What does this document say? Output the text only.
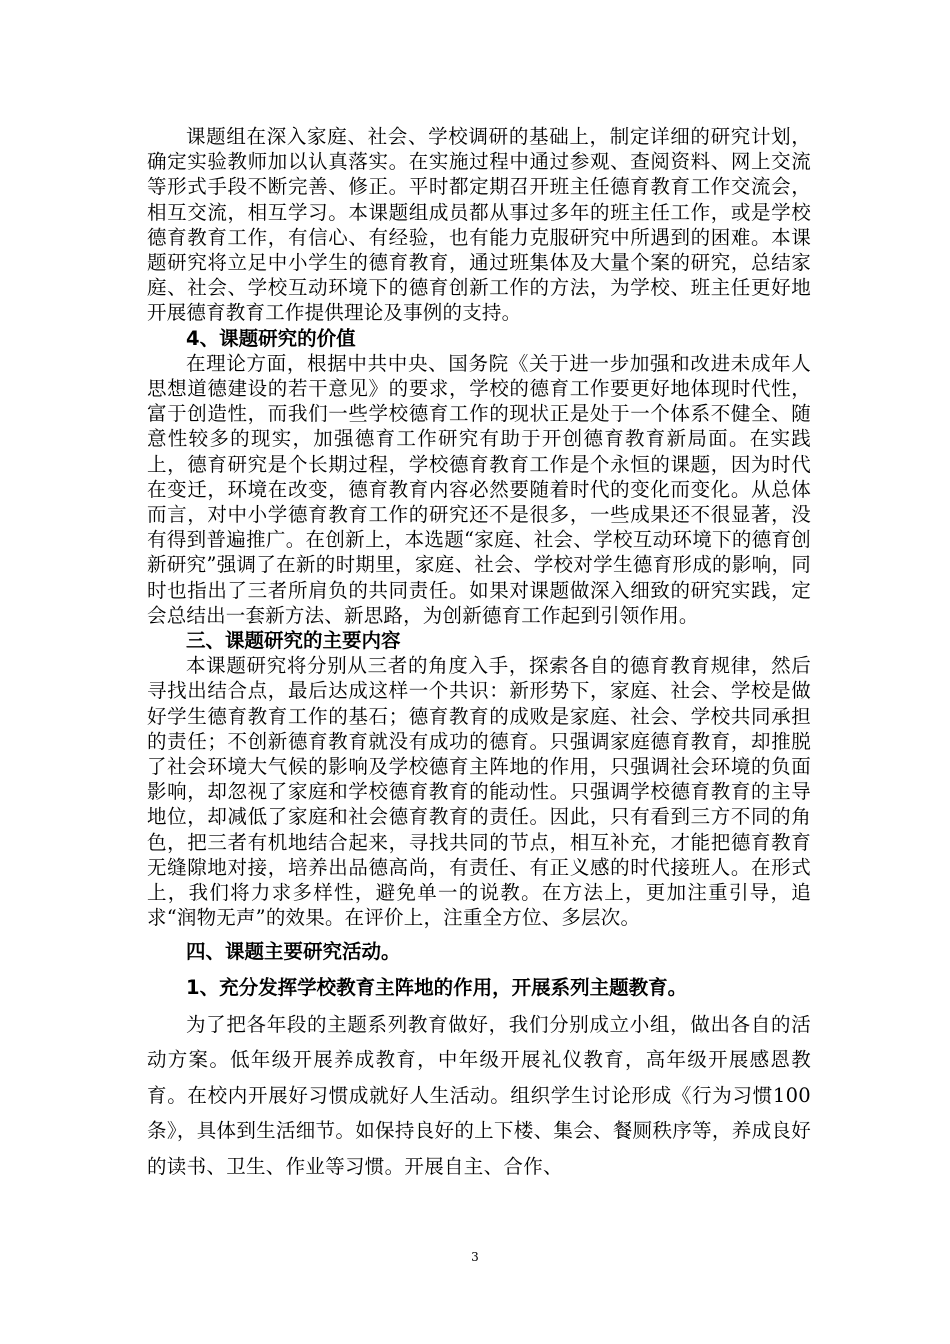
课题组在深入家庭、社会、学校调研的基础上，制定详细的研究计划，确定实验教师加以认真落实。在实施过程中通过参观、查阅资料、网上交流等形式手段不断完善、修正。平时都定期召开班主任德育教育工作交流会，相互交流，相互学习。本课题组成员都从事过多年的班主任工作，或是学校德育教育工作，有信心、有经验，也有能力克服研究中所遇到的困难。本课题研究将立足中小学生的德育教育，通过班集体及大量个案的研究，总结家庭、社会、学校互动环境下的德育创新工作的方法，为学校、班主任更好地开展德育教育工作提供理论及事例的支持。

4、课题研究的价值

在理论方面，根据中共中央、国务院《关于进一步加强和改进未成年人思想道德建设的若干意见》的要求，学校的德育工作要更好地体现时代性，富于创造性，而我们一些学校德育工作的现状正是处于一个体系不健全、随意性较多的现实，加强德育工作研究有助于开创德育教育新局面。在实践上，德育研究是个长期过程，学校德育教育工作是个永恒的课题，因为时代在变迁，环境在改变，德育教育内容必然要随着时代的变化而变化。从总体而言，对中小学德育教育工作的研究还不是很多，一些成果还不很显著，没有得到普遍推广。在创新上，本选题“家庭、社会、学校互动环境下的德育创新研究”强调了在新的时期里，家庭、社会、学校对学生德育形成的影响，同时也指出了三者所肩负的共同责任。如果对课题做深入细致的研究实践，定会总结出一套新方法、新思路，为创新德育工作起到引领作用。

三、课题研究的主要内容

本课题研究将分别从三者的角度入手，探索各自的德育教育规律，然后寻找出结合点，最后达成这样一个共识：新形势下，家庭、社会、学校是做好学生德育教育工作的基石；德育教育的成败是家庭、社会、学校共同承担的责任；不创新德育教育就没有成功的德育。只强调家庭德育教育，却推脱了社会环境大气候的影响及学校德育主阵地的作用，只强调社会环境的负面影响，却忽视了家庭和学校德育教育的能动性。只强调学校德育教育的主导地位，却减低了家庭和社会德育教育的责任。因此，只有看到三方不同的角色，把三者有机地结合起来，寻找共同的节点，相互补充，才能把德育教育无缝隙地对接，培养出品德高尚，有责任、有正义感的时代接班人。在形式上，我们将力求多样性，避免单一的说教。在方法上，更加注重引导，追求“润物无声”的效果。在评价上，注重全方位、多层次。

四、课题主要研究活动。

1、充分发挥学校教育主阵地的作用，开展系列主题教育。

为了把各年段的主题系列教育做好，我们分别成立小组，做出各自的活动方案。低年级开展养成教育，中年级开展礼仪教育，高年级开展感恩教育。在校内开展好习惯成就好人生活动。组织学生讨论形成《行为习惯100条》，具体到生活细节。如保持良好的上下楼、集会、餐厕秩序等，养成良好的读书、卫生、作业等习惯。开展自主、合作、

3
